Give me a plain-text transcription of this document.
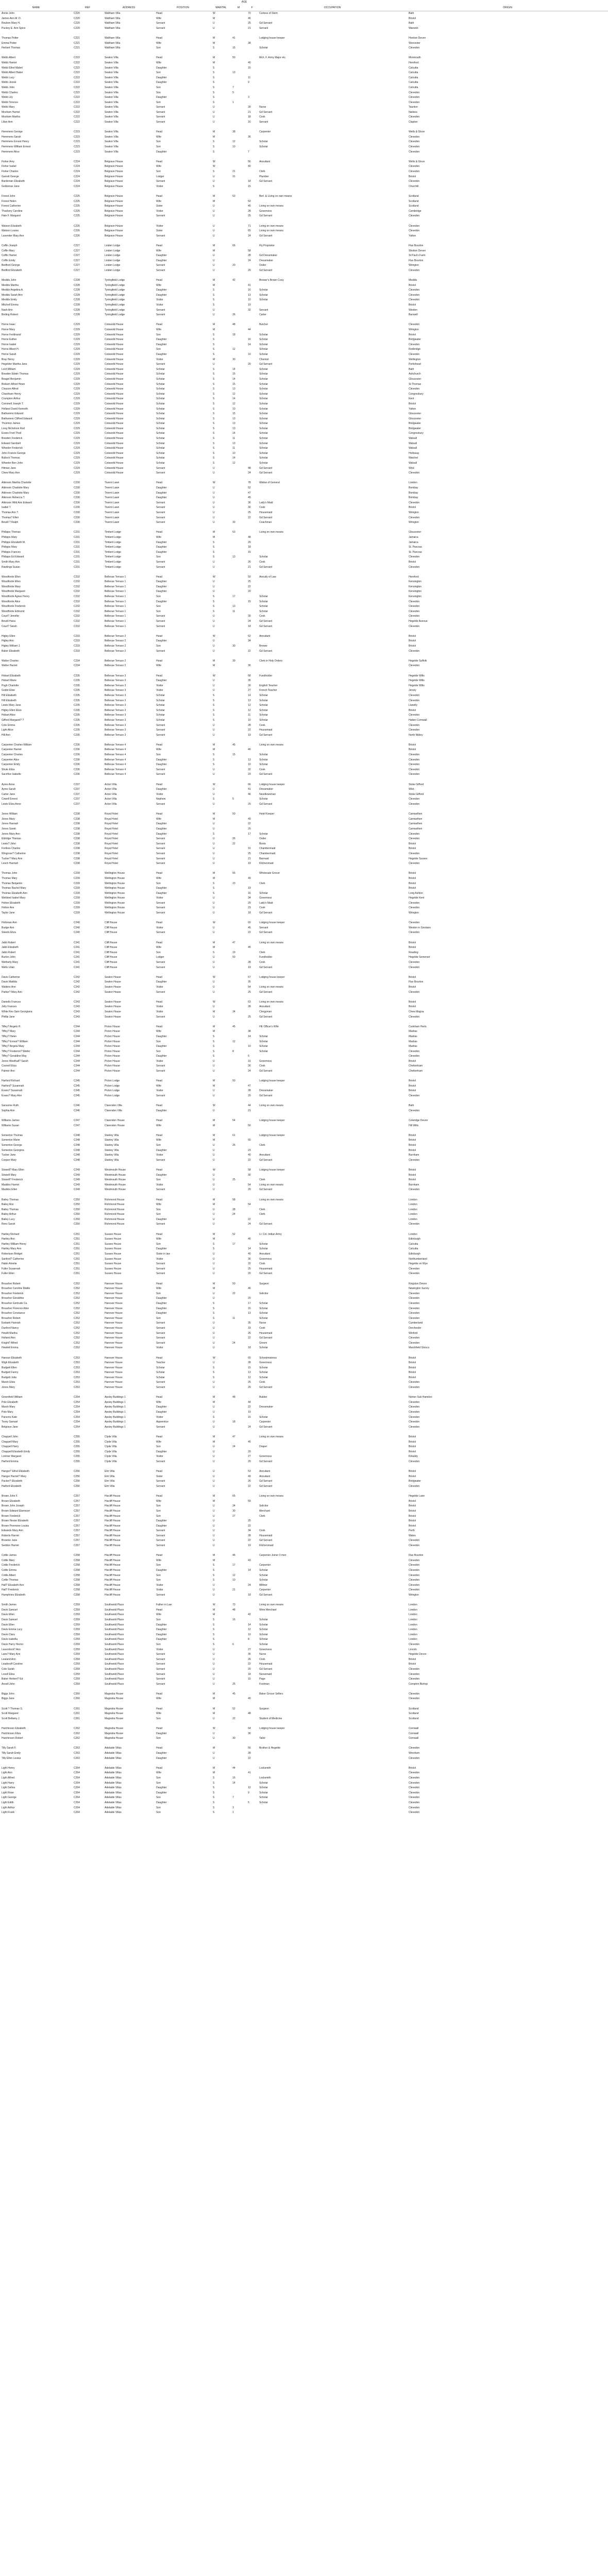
					AGE			
NAME	REF	ADDRESS	POSITION	MARITAL	M	F	OCCUPATION	ORIGIN
Annie John	C220	Waltham Villa	Head	W		70	Curtess of Stem	Bath
James Ann M. D.	C220	Waltham Villa	Wife	M		46		Bristol
Reuben Mary H.	C220	Waltham Villa	Servant	U		25	Gd Servant	Bath
Puckey E. Ann Spice	C220	Waltham Villa	Servant	U		21	Servant	Warwick

Thomas Potter	C221	Waltham Villa	Head	M	41		Lodging house keeper	Honiton Devon
Emma Potter	C221	Waltham Villa	Wife	M		38		Worcester
Herbert Thomas	C221	Waltham Villa	Son	S	15		Scholar	Clevedon

Webb Albert	C222	Seaton Villa	Head	M	50		Mch. F. Army Major etc.	Monmouth
Webb Harriet	C222	Seaton Villa	Wife	M		40		Hereford
Webb Ethel Mabel	C222	Seaton Villa	Daughter	S		15		Calcutta
Webb Albert Baker	C222	Seaton Villa	Son	S	13			Calcutta
Webb Lucy	C222	Seaton Villa	Daughter	S		11		Calcutta
Webb Jessie	C222	Seaton Villa	Daughter	S		9		Calcutta
Webb John	C222	Seaton Villa	Son	S	7			Calcutta
Webb Charles	C222	Seaton Villa	Son	S	5			Clevedon
Webb Lily	C222	Seaton Villa	Daughter	S		3		Clevedon
Webb Terence	C222	Seaton Villa	Son	S	1			Clevedon
Webb Mary	C222	Seaton Villa	Servant	U		30	Nurse	Taunton
Moxham Harriet	C222	Seaton Villa	Servant	U		21	Gd Servant	Nailsea
Moxham Martha	C222	Seaton Villa	Servant	U		18	Cook	Clevedon
Lilian Ann	C222	Seaton Villa	Servant	U		16	Servant	Clapton

Hemmens George	C223	Seaton Villa	Head	M	38		Carpenter	Wells & Glove
Hemmens Sarah	C223	Seaton Villa	Wife	M		36		Clevedon
Hemmens Ernest Henry	C223	Seaton Villa	Son	S	12		Scholar	Clevedon
Hemmens William Ernest	C223	Seaton Villa	Son	S	10		Scholar	Clevedon
Hemmens Alice	C223	Seaton Villa	Daughter	S		7		Clevedon

Fisher Amy	C224	Belgrave House	Head	W		56	Annuitant	Wells & Glove
Fisher Isabel	C224	Belgrave House	Wife	W		40		Clevedon
Fisher Charles	C224	Belgrave House	Son	S	21		Clerk	Clevedon
Garrett George	C224	Belgrave House	Lodger	U	31		Plumber	Bristol
Bardeman Elizabeth	C224	Belgrave House	Servant	U		18	Gd Servant	Clevedon
Goldsmas Jane	C224	Belgrave House	Visitor	S		15		Churchill

Forest John	C225	Belgrave House	Head	M	53		Berl. & Living on own means	Scotland
Forest Helen	C225	Belgrave House	Wife	M		50		Scotland
Forest Catherine	C225	Belgrave House	Sister	U		45	Living on own means	Scotland
Thackery Caroline	C225	Belgrave House	Visitor	U		28	Governess	Cambridge
Hale F. Margaret	C225	Belgrave House	Servant	U		25	Gd Servant	Clevedon

Watson Elizabeth	C226	Belgrave House	Visitor	U		71	Living on own means	Clevedon
Watson Louisa	C226	Belgrave House	Sister	U		65	Living on own means	Clevedon
Lavender Mary Ann	C226	Belgrave House	Servant	U		24	Gd Servant	Yatton

Coffin Joseph	C227	Linden Lodge	Head	M	66		Fly Proprietor	Flax Bourton
Coffin Mary	C227	Linden Lodge	Wife	M		58		Shotton Devon
Coffin Harriet	C227	Linden Lodge	Daughter	U		28	Gd Dressmaker	St Paul's Farm
Coffin Emily	C227	Linden Lodge	Daughter	U		24	Dressmaker	Flax Bourton
Bedford George	C227	Linden Lodge	Servant	U	20		Ostler	Wrington
Bedford Elizabeth	C227	Linden Lodge	Servant	U		20	Gd Servant	Clevedon

Meddis John	C228	Tyningfield Lodge	Head	M	42		Brewer's Brown Cosy	Meddis
Meddis Martha	C228	Tyningfield Lodge	Wife	M		41		Bristol
Meddis Angelina A.	C228	Tyningfield Lodge	Daughter	S		16	Scholar	Clevedon
Meddis Sarah Ann	C228	Tyningfield Lodge	Daughter	S		13	Scholar	Clevedon
Meddis Emily	C228	Tyningfield Lodge	Visitor	S		10	Scholar	Clevedon
Mitchell Emma	C228	Tyningfield Lodge	Visitor	S		19		Bristol
Nash Ann	C228	Tyningfield Lodge	Servant	U		32	Servant	Weston
Birding Robert	C228	Tyningfield Lodge	Servant	U	26		Carter	Banwell

Horne Isaac	C229	Cotswold House	Head	M	48		Butcher	Clevedon
Horne Mary	C229	Cotswold House	Wife	M		44		Wrington
Horne Ferdinand	C229	Cotswold House	Son	S	18		Scholar	Bristol
Horne Esther	C229	Cotswold House	Daughter	S		16	Scholar	Bridgwater
Horne Isabel	C229	Cotswold House	Daughter	S		14	Scholar	Clevedon
Horne Albert H.	C229	Cotswold House	Son	S	12		Scholar	Rodbridge
Horne Sarah	C229	Cotswold House	Daughter	S		10	Scholar	Clevedon
Bray Henry	C229	Cotswold House	Visitor	M	30		Chemist	Wellington
Hegelder Martha Jane	C229	Cotswold House	Servant	U		20	Gd Servant	Portishead
Lord William	C229	Cotswold House	Scholar	S	14		Scholar	Bath
Bowden Edwin Thomas	C229	Cotswold House	Scholar	S	15		Scholar	Ashchurch
Beagel Benjamin	C229	Cotswold House	Scholar	S	14		Scholar	Gloucester
Bisburn Alfred Hewn	C229	Cotswold House	Scholar	S	15		Scholar	St Thomas
Clouson Alfred	C229	Cotswold House	Scholar	S	13		Scholar	Clevedon
Chantham Henry	C229	Cotswold House	Scholar	S	12		Scholar	Congresbury
Crumpton Arthur	C229	Cotswold House	Scholar	S	14		Scholar	Kent
Cornmell Joseph T.	C229	Cotswold House	Scholar	S	12		Scholar	Bristol
Holland David Kenneth	C229	Cotswold House	Scholar	S	10		Scholar	Yatton
Bathwrenn Edward	C229	Cotswold House	Scholar	S	15		Scholar	Gloucester
Bathwrenn Clifford Edward	C229	Cotswold House	Scholar	S	13		Scholar	Gloucester
Thornton James	C229	Cotswold House	Scholar	S	13		Scholar	Bridgwater
Long Nicholson Rod	C229	Cotswold House	Scholar	S	13		Scholar	Bridgwater
Evans Fred Thod	C229	Cotswold House	Scholar	S	14		Scholar	Congresbury
Bowden Frederick	C229	Cotswold House	Scholar	S	11		Scholar	Walsall
Edward Sarnbelt	C229	Cotswold House	Scholar	S	13		Scholar	Walsall
Wheeler Frederick	C229	Cotswold House	Scholar	S	11		Scholar	Walsall
John Francis George	C229	Cotswold House	Scholar	S	10		Scholar	Holloway
Bullock Thomas	C229	Cotswold House	Scholar	S	14		Scholar	Watchet
Wheeler Ben John	C229	Cotswold House	Scholar	S	12		Scholar	Walsall
Hitman Jane	C229	Cotswold House	Servant	U		48	Gd Servant	Wick
Chew Mary Ann	C229	Cotswold House	Servant	U		24	Gd Servant	Clevedon

Atkinson Martha Charlotte	C230	Tivernt Lawn	Head	W		78	Widow of General	London
Atkinson Charlotte Mary	C230	Tivernt Lawn	Daughter	U		52		Bombay
Atkinson Charlotte Mary	C230	Tivernt Lawn	Daughter	U		47		Bombay
Atkinson Rebecca T.	C230	Tivernt Lawn	Daughter	U		45		Bombay
Atkinson Wild Ann Edward	C230	Tivernt Lawn	Servant	U		36	Lady's Maid	Clevedon
Isabel T.	C230	Tivernt Lawn	Servant	U		30	Cook	Bristol
Thomas Ann T.	C230	Tivernt Lawn	Servant	U		25	Housemaid	Wrington
Thomas? Ellen	C230	Tivernt Lawn	Servant	U		22	Gd Servant	Clevedon
Bevell ? Ralph	C230	Tivernt Lawn	Servant	U	33		Coachman	Wrington

Philipps Thomas	C231	Timbert Lodge	Head	M	53		Living on own means	Gloucester
Philipps Mary	C231	Timbert Lodge	Wife	M		48		Jamaica
Philipps Elizabeth M.	C231	Timbert Lodge	Daughter	S		20		Jamaica
Philipps Mary	C231	Timbert Lodge	Daughter	S		18		St. Pancras
Philipps Frances	C231	Timbert Lodge	Daughter	S		15		St. Pancras
Philipps Ed Edward	C231	Timbert Lodge	Son	S	13		Scholar	Clevedon
Smith Mary Ann	C231	Timbert Lodge	Servant	U		26	Cook	Bristol
Rawlings Susan	C231	Timbert Lodge	Servant	U		21	Gd Servant	Clevedon

Woodforde Ellen	C232	Bellevue Terrace 1	Head	W		50	Annuity of Law	Hereford
Woodforde Ellen	C232	Bellevue Terrace 1	Daughter	U		25		Kensington
Woodforde Mary	C232	Bellevue Terrace 1	Daughter	U		22		Kensington
Woodforde Margaret	C232	Bellevue Terrace 1	Daughter	U		20		Kensington
Woodforde Agnes Henry	C232	Bellevue Terrace 1	Son	S	17		Scholar	Kensington
Woodforde Alice	C232	Bellevue Terrace 1	Daughter	S		15	Scholar	Clevedon
Woodforde Frederick	C232	Bellevue Terrace 1	Son	S	13		Scholar	Clevedon
Woodforde Edmund	C232	Bellevue Terrace 1	Son	S	11		Scholar	Clevedon
Court? Jennifer	C232	Bellevue Terrace 1	Servant	U		30	Cook	Clevedon
Bevell Hana	C232	Bellevue Terrace 1	Servant	U		24	Gd Servant	Hegelde Avenue
Court? Sarah	C232	Bellevue Terrace 1	Servant	U		18	Gd Servant	Clevedon

Higley Ellen	C233	Bellevue Terrace 2	Head	W		62	Annuitant	Bristol
Higley Ann	C233	Bellevue Terrace 2	Daughter	U		34		Bristol
Higley William J.	C233	Bellevue Terrace 2	Son	U	30		Brewer	Bristol
Baker Elizabeth	C233	Bellevue Terrace 2	Servant	U		22	Gd Servant	Clevedon

Walter Charles	C234	Bellevue Terrace 2	Head	M	39		Clerk in Holy Orders	Hegelde Suffolk
Walter Harriet	C234	Bellevue Terrace 2	Wife	M		36		Clevedon

Hobart Elizabeth	C235	Bellevue Terrace 3	Head	W		68	Fundholder	Hegelde Wilts
Hobart Marie	C235	Bellevue Terrace 3	Daughter	U		35		Hegelde Wilts
Pugh Charlotte	C235	Bellevue Terrace 3	Visitor	U		30	English Teacher	Hegelde Wilts
Godet Elise	C235	Bellevue Terrace 3	Visitor	U		27	French Teacher	Jersey
Hill Elizabeth	C235	Bellevue Terrace 3	Scholar	S		14	Scholar	Clevedon
Hill Elizabeth	C235	Bellevue Terrace 3	Scholar	S		13	Scholar	Clevedon
Lewis Mary Jane	C235	Bellevue Terrace 3	Scholar	S		12	Scholar	Llanelly
Higley Ellen Eliza	C235	Bellevue Terrace 3	Scholar	S		12	Scholar	Bristol
Hobart Alice	C235	Bellevue Terrace 3	Scholar	S		11	Scholar	Clevedon
Gifford Margaret? ?	C235	Bellevue Terrace 3	Scholar	S		10	Scholar	Hatten Cornwall
Cole Emma	C235	Bellevue Terrace 3	Servant	U		28	Cook	Clevedon
Light Alice	C235	Bellevue Terrace 3	Servant	U		22	Housemaid	Clevedon
Hill Ann	C235	Bellevue Terrace 3	Servant	U		19	Gd Servant	North Nibley

Carpenter Charles William	C236	Bellevue Terrace 4	Head	M	45		Living on own means	Bristol
Carpenter Harriet	C236	Bellevue Terrace 4	Wife	M		40		Bristol
Carpenter Charles	C236	Bellevue Terrace 4	Son	S	15		Scholar	Clevedon
Carpenter Alice	C236	Bellevue Terrace 4	Daughter	S		13	Scholar	Clevedon
Carpenter Emily	C236	Bellevue Terrace 4	Daughter	S		10	Scholar	Clevedon
Shute Eliza	C236	Bellevue Terrace 4	Servant	U		32	Cook	Clevedon
Sacrifice Isabelle	C236	Bellevue Terrace 4	Servant	U		23	Gd Servant	Clevedon

Ayres Anne	C237	Acton Villa	Head	W		66	Lodging house keeper	Stoke Gifford
Ayres Sarah	C237	Acton Villa	Daughter	U		41	Dressmaker	Wick
Carter Jane	C237	Acton Villa	Visitor	U		46	Needlewoman	Stoke Gifford
Cowell Ernest	C237	Acton Villa	Nephew	S	5		Scholar	Clevedon
Lewis Eliza Anne	C237	Acton Villa	Servant	U		20	Gd Servant	Clevedon

Jones William	C238	Royal Hotel	Head	M	50		Hotel Keeper	Carmarthen
Jones Mary	C238	Royal Hotel	Wife	M		49		Carmarthen
Jones Hannah	C238	Royal Hotel	Daughter	U		22		Carmarthen
Jones Sarah	C238	Royal Hotel	Daughter	U		20		Carmarthen
Jones Mary Ann	C238	Royal Hotel	Daughter	S		17	Scholar	Clevedon
Eldridge Thomas	C238	Royal Hotel	Servant	U	26		Ostler	Clevedon
Lewis? John	C238	Royal Hotel	Servant	U	22		Boots	Bristol
Fortless Charles	C238	Royal Hotel	Servant	U		31	Chambermaid	Bristol
Wingrose? Catherine	C238	Royal Hotel	Servant	U		25	Chambermaid	Clevedon
Tucker? Mary Ann	C238	Royal Hotel	Servant	U		21	Barmaid	Hegelde Sussex
Lesch Hannah	C238	Royal Hotel	Servant	U		19	Kitchenmaid	Clevedon

Thomas John	C239	Wellington House	Head	M	55		Wholesale Grocer	Bristol
Thomas Mary	C239	Wellington House	Wife	M		49		Bristol
Thomas Benjamin	C239	Wellington House	Son	S	23		Clerk	Bristol
Thomas Rachel Mary	C239	Wellington House	Daughter	S		19		Bristol
Thomas Elizabeth Ann	C239	Wellington House	Daughter	S		16	Scholar	Long Ashton
Wellsted Isabel Mary	C239	Wellington House	Visitor	U		34	Governess	Hegelde Kent
Holton Elizabeth	C239	Wellington House	Servant	U		29	Lady's Maid	Clevedon
Holton Ann	C239	Wellington House	Servant	U		23	Cook	Clevedon
Taylor Jane	C239	Wellington House	Servant	U		18	Gd Servant	Wrington

Holtonan Ann	C240	Cliff House	Head	W		60	Lodging house keeper	Clevedon
Budge Ann	C240	Cliff House	Visitor	U		45	Servant	Weston in Gordano
Steeds Eliza	C240	Cliff House	Servant	U		22	Gd Servant	Clevedon

Jabb Robert	C241	Cliff House	Head	M	47		Living on own means	Bristol
Jabb Elizabeth	C241	Cliff House	Wife	M		45		Bristol
Jabb Robert	C241	Cliff House	Son	S	19		Clerk	Reading
Burton John	C241	Cliff House	Lodger	U	50		Fundholder	Hegelde Somerset
Wetherly Mary	C241	Cliff House	Servant	U		28	Cook	Clevedon
Wells Lilian	C241	Cliff House	Servant	U		19	Gd Servant	Clevedon

Davis Catherine	C242	Seaton House	Head	W		67	Lodging house keeper	Bristol
Davis Matilda	C242	Seaton House	Daughter	U		35		Flax Bourton
Watkins Ann	C242	Seaton House	Visitor	U		54	Living on own means	Bristol
Parker? Mary Ann	C242	Seaton House	Servant	U		25	Gd Servant	Clevedon

Daniells Frances	C243	Seaton House	Head	W		63	Living on own means	Bristol
Jolly Frances	C243	Seaton House	Visitor	U		28	Annuitant	Bristol
White Rev Sam Georgiana	C243	Seaton House	Visitor	M	34		Clergyman	Chew Magna
Phillip Jane	C243	Seaton House	Servant	U		25	Gd Servant	Clevedon

Tiffey? Angelo H.	C244	Picton House	Head	M	45		HE Officer's Wife	Cookham Herts
Tiffey? Mary	C244	Picton House	Wife	M		38		Madras
Tiffey? Helen	C244	Picton House	Daughter	S		14	Scholar	Madras
Tiffey? Ernest? William	C244	Picton House	Son	S	12		Scholar	Madras
Tiffey? Angela Mary	C244	Picton House	Daughter	S		10	Scholar	Madras
Tiffey? Frederick? Walter	C244	Picton House	Son	S	8		Scholar	Clevedon
Tiffey? Geraldine May	C244	Picton House	Daughter	S		6		Clevedon
Jones Weethall? Sarah	C244	Picton House	Visitor	U		31	Governess	Bristol
Cosnell Eliza	C244	Picton House	Servant	U		30	Cook	Cheltenham
Palmer Ann	C244	Picton House	Servant	U		24	Gd Servant	Cheltenham

Harford Richard	C245	Picton Lodge	Head	M	50		Lodging house keeper	Bristol
Harford? Susannah	C245	Picton Lodge	Wife	M		47		Bristol
Evans? Susannah	C245	Picton Lodge	Visitor	U		28	Dressmaker	Bristol
Evans? Mary Ann	C245	Picton Lodge	Servant	U		20	Gd Servant	Clevedon

Sansome Ruth	C246	Clarendon Villa	Head	W		44	Living on own means	Bath
Sophia Ann	C246	Clarendon Villa	Daughter	U		21		Clevedon

Williams James	C247	Clarendon House	Head	M	54		Lodging house keeper	Coleridge Devon
Williams Susan	C247	Clarendon House	Wife	M		50		Hill Wilts

Somerton Thomas	C248	Stanley Villa	Head	M	61		Lodging house keeper	Bristol
Somerton Marie	C248	Stanley Villa	Wife	M		55		Bristol
Somerton George	C248	Stanley Villa	Son	U	26		Clerk	Bristol
Somerton Georgina	C248	Stanley Villa	Daughter	U		23		Bristol
Tucker Jane	C248	Stanley Villa	Visitor	U		40	Annuitant	Burnham
Cooper Mary	C248	Stanley Villa	Servant	U		22	Gd Servant	Clevedon

Stowell? Mary Ellen	C249	Westmouth House	Head	W		58	Lodging house keeper	Bristol
Stowell Mary	C249	Westmouth House	Daughter	U		30		Bristol
Stowell? Frederick	C249	Westmouth House	Son	U	25		Clerk	Bristol
Maddox Harriet	C249	Westmouth House	Visitor	U		54	Living on own means	Burnham
Maddox Ellen	C249	Westmouth House	Servant	U		20	Gd Servant	Clevedon

Bailey Thomas	C250	Richmond House	Head	M	58		Living on own means	London
Bailey Ann	C250	Richmond House	Wife	M		54		London
Bailey Thomas	C250	Richmond House	Son	U	28		Clerk	London
Bailey Arthur	C250	Richmond House	Son	U	24		Clerk	London
Bailey Lucy	C250	Richmond House	Daughter	U		22		London
Rees Sarah	C250	Richmond House	Servant	U		24	Gd Servant	Clevedon

Hartley Richard	C251	Sussex House	Head	M	52		Lt. Col. Indian Army	London
Hartley Ann	C251	Sussex House	Wife	M		46		Edinburgh
Hartley William Henry	C251	Sussex House	Son	S	17		Scholar	Calcutta
Hartley Mary Ann	C251	Sussex House	Daughter	S		14	Scholar	Calcutta
Robertson Bridget	C251	Sussex House	Sister in law	U		40	Annuitant	Edinburgh
Sanford? Catherine	C251	Sussex House	Visitor	U		36	Governess	Northumberland
Habin Amelia	C251	Sussex House	Servant	U		32	Cook	Hegelde on Wye
Fuller Susannah	C251	Sussex House	Servant	U		25	Housemaid	Clevedon
Fuller Ellen	C251	Sussex House	Servant	U		20	Gd Servant	Clevedon

Brousher Robert	C252	Hanover House	Head	M	50		Surgeon	Kingston Devon
Brousher Caroline Mattie	C252	Hanover House	Wife	M		46		Newington Surrey
Brousher Frederick	C252	Hanover House	Son	U	22		Solicitor	Clevedon
Brousher Geraldine	C252	Hanover House	Daughter	U		20		Clevedon
Brousher Gertrude Ca.	C252	Hanover House	Daughter	S		17	Scholar	Clevedon
Brousher Florence Alice	C252	Hanover House	Daughter	S		15	Scholar	Clevedon
Brousher Constance	C252	Hanover House	Daughter	S		13	Scholar	Clevedon
Brousher Robert	C252	Hanover House	Son	S	11		Scholar	Clevedon
Ewbank Hannah	C252	Hanover House	Servant	U		35	Nurse	Cumberland
Dunford Nancy	C252	Hanover House	Servant	U		33	Cook	Dorchester
Hewitt Martha	C252	Hanover House	Servant	U		26	Housemaid	Winford
Holland Ann	C252	Hanover House	Servant	U		22	Gd Servant	Clevedon
Knight? Alfred	C252	Hanover House	Servant	U	24		Groom	Clevedon
Hewlett Emma	C252	Hanover House	Visitor	U		18	Scholar	Marshfield Gloucs

Hanson Elizabeth	C253	Hanover House	Head	W		60	Schoolmistress	Bristol
Wigh Elizabeth	C253	Hanover House	Teacher	U		28	Governess	Bristol
Budgett Ellen	C253	Hanover House	Scholar	S		15	Scholar	Bristol
Budgett Fanny	C253	Hanover House	Scholar	S		13	Scholar	Bristol
Budgett Julia	C253	Hanover House	Scholar	S		12	Scholar	Bristol
Marsh Eliza	C253	Hanover House	Servant	U		25	Cook	Clevedon
Jones Mary	C253	Hanover House	Servant	U		20	Gd Servant	Clevedon

Greenfield William	C254	Apsley Buildings 1	Head	M	48		Builder	Norton Sub Hamdon
Pole Elizabeth	C254	Apsley Buildings 1	Wife	M		44		Clevedon
Marsh Mary	C254	Apsley Buildings 1	Daughter	U		22	Dressmaker	Clevedon
Pole Mary	C254	Apsley Buildings 1	Daughter	U		19		Clevedon
Parsons Kate	C254	Apsley Buildings 1	Visitor	S		15	Scholar	Clevedon
Tovey Samuel	C254	Apsley Buildings 1	Apprentice	U	18		Carpenter	Clevedon
Belgrave Jane	C254	Apsley Buildings 1	Servant	U		24	Gd Servant	Clevedon

Chappell John	C255	Clyde Villa	Head	M	47		Living on own means	Bristol
Chappell Mary	C255	Clyde Villa	Wife	M		45		Bristol
Chappell Harry	C255	Clyde Villa	Son	U	24		Draper	Bristol
Chappell Elizabeth Emily	C255	Clyde Villa	Daughter	U		20		Bristol
Lorimer Margaret	C255	Clyde Villa	Visitor	U		27	Governess	Kirkaldy
Harford Emma	C255	Clyde Villa	Servant	U		20	Gd Servant	Clevedon

Hanger? Ethel Elizabeth	C256	Elm Villa	Head	U		53	Annuitant	Bristol
Hanger Harriet? Mary	C256	Elm Villa	Sister	U		49	Annuitant	Bristol
Packer? Elizabeth	C256	Elm Villa	Servant	U		26	Gd Servant	Bridgwater
Hatford Elizabeth	C256	Elm Villa	Servant	U		22	Gd Servant	Clevedon

Brown John F.	C257	Hiscliff House	Head	M	65		Living on own means	Hegelde Lane
Brown Elizabeth	C257	Hiscliff House	Wife	M		59		Bristol
Brown John Joseph	C257	Hiscliff House	Son	U	34		Solicitor	Bristol
Brown Edward Ebenezer	C257	Hiscliff House	Son	U	30		Merchant	Bristol
Brown Frederick	C257	Hiscliff House	Son	U	27		Clerk	Bristol
Brown Hester Elizabeth	C257	Hiscliff House	Daughter	U		25		Bristol
Brown Penmone Louisa	C257	Hiscliff House	Daughter	U		22		Bristol
Edwards Mary Ann	C257	Hiscliff House	Servant	U		34	Cook	Perth
Roberts Harriet	C257	Hiscliff House	Servant	U		28	Housemaid	Wales
Brownie Jane	C257	Hiscliff House	Servant	U		22	Gd Servant	Clevedon
Seddon Harriet	C257	Hiscliff House	Servant	U		19	Kitchenmaid	Clevedon

Cottle James	C258	Hiscliff House	Head	M	46		Carpenter Joiner 3 men	Flax Bourton
Cottle Mary	C258	Hiscliff House	Wife	M		43		Clevedon
Cottle Frederick	C258	Hiscliff House	Son	S	17		Carpenter	Clevedon
Cottle Emma	C258	Hiscliff House	Daughter	S		14	Scholar	Clevedon
Cottle Albert	C258	Hiscliff House	Son	S	12		Scholar	Clevedon
Cottle Thomas	C258	Hiscliff House	Son	S	10		Scholar	Clevedon
Hall? Elizabeth Ann	C258	Hiscliff House	Visitor	U		24	Milliner	Clevedon
Hall? Frederick	C258	Hiscliff House	Visitor	U	21		Carpenter	Clevedon
Humphries Elizabeth	C258	Hiscliff House	Servant	U		18	Gd Servant	Wrington

Smith James	C259	Southwold Place	Father in Law	W	73		Living on own means	London
Davis Samuel	C259	Southwold Place	Head	M	48		Wine Merchant	London
Davis Ellen	C259	Southwold Place	Wife	M		42		London
Davis Samuel	C259	Southwold Place	Son	S	16		Scholar	London
Davis Ellen	C259	Southwold Place	Daughter	S		14	Scholar	London
Davis Emma Lucy	C259	Southwold Place	Daughter	S		12	Scholar	London
Davis Clara	C259	Southwold Place	Daughter	S		10	Scholar	London
Davis Isabella	C259	Southwold Place	Daughter	S		8	Scholar	London
Davis Harry Hector	C259	Southwold Place	Son	S	6		Scholar	Clevedon
Laverstock? Ann	C259	Southwold Place	Visitor	U		27	Governess	Lincoln
Lane? Mary Ann	C259	Southwold Place	Servant	U		35	Nurse	Hegelde Devon
Lealand Ann	C259	Southwold Place	Servant	U		26	Cook	Bristol
Leaderoff Caroline	C259	Southwold Place	Servant	U		22	Housemaid	Bristol
Cole Sarah	C259	Southwold Place	Servant	U		20	Gd Servant	Clevedon
Lovell Eliza	C259	Southwold Place	Servant	U		18	Nursemaid	Clevedon
Baker Herbert? Ed	C259	Southwold Place	Servant	U		15	Page	Clevedon
Ansell John	C259	Southwold Place	Servant	U	25		Footman	Compton Bishop

Biggs John	C260	Magnolia House	Head	M	45		Baker Grocer Sellers	Clevedon
Biggs Jane	C260	Magnolia House	Wife	M		40		Clevedon

Scott ? Thomas S.	C261	Magnolia House	Head	M	52		Surgeon	Scotland
Scott Margaret	C261	Magnolia House	Wife	M		48		Scotland
Scott Bellamy J.	C261	Magnolia House	Son	U	22		Student of Medicine	Scotland

Hutchinson Elizabeth	C262	Magnolia House	Head	W		64	Lodging house keeper	Cornwall
Hutchinson Eliza	C262	Magnolia House	Daughter	U		36		Cornwall
Hutchinson Robert	C262	Magnolia House	Son	U	30		Tailor	Cornwall

Tilly Sarah F.	C263	Adelaide Villas	Head	M		56	Brother & Hegelde	Clevedon
Tilly Sarah Emily	C263	Adelaide Villas	Daughter	U		28		Wrexham
Tilly Ellen Louisa	C263	Adelaide Villas	Daughter	U		22		Clevedon

Light Henry	C264	Adelaide Villas	Head	M	44		Locksmith	Bristol
Light Ann	C264	Adelaide Villas	Wife	M		41		Clevedon
Light Alfred	C264	Adelaide Villas	Son	S	16		Locksmith	Clevedon
Light Harry	C264	Adelaide Villas	Son	S	14		Scholar	Clevedon
Light Selina	C264	Adelaide Villas	Daughter	S		12	Scholar	Clevedon
Light Rose	C264	Adelaide Villas	Daughter	S		9	Scholar	Clevedon
Light George	C264	Adelaide Villas	Son	S	7		Scholar	Clevedon
Light Edith	C264	Adelaide Villas	Daughter	S		5	Scholar	Clevedon
Light Arthur	C264	Adelaide Villas	Son	S	3			Clevedon
Light Frank	C264	Adelaide Villas	Son	S	1			Clevedon
